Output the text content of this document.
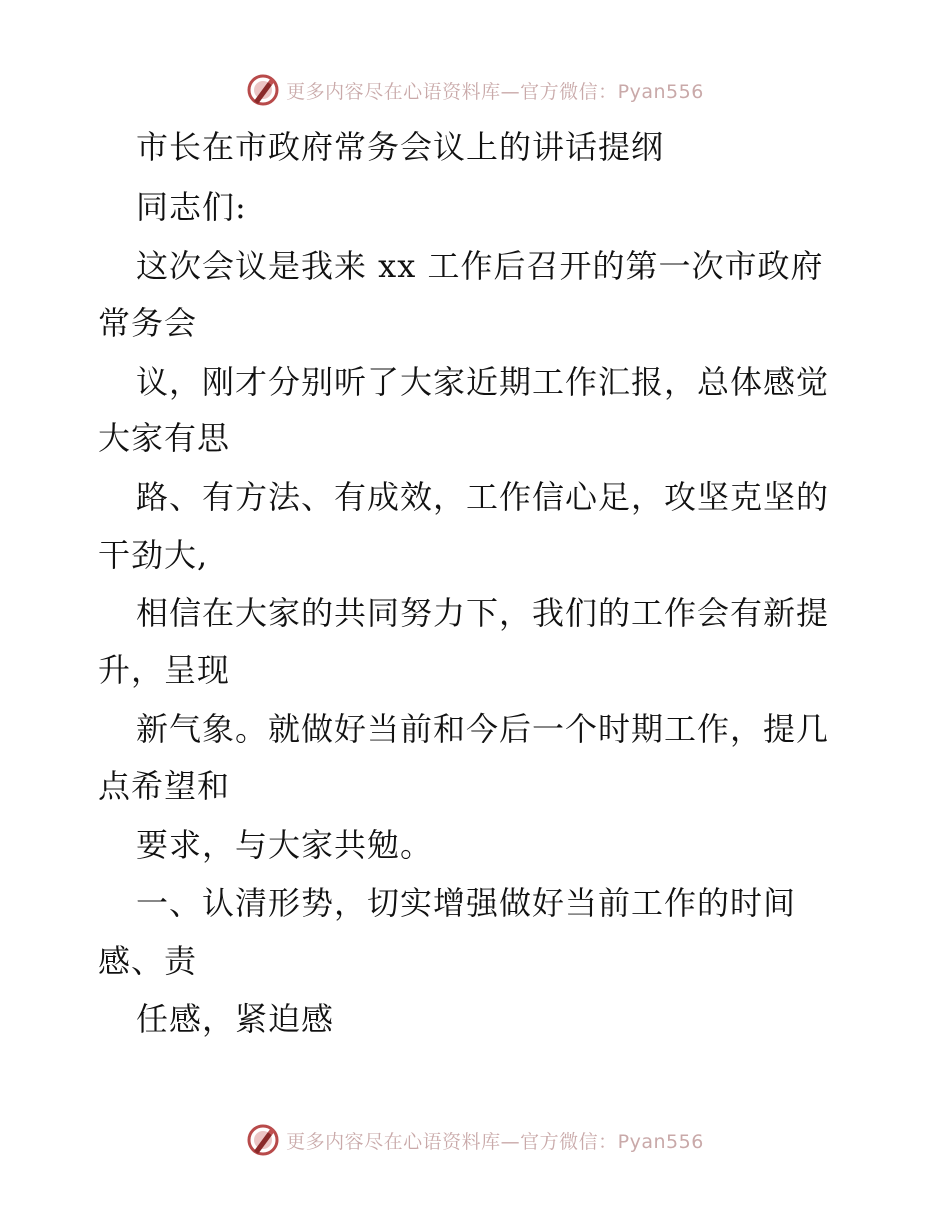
更多内容尽在心语资料库—官方微信：Pyan556
市长在市政府常务会议上的讲话提纲
同志们:
这次会议是我来 xx 工作后召开的第一次市政府
常务会
议，刚才分别听了大家近期工作汇报，总体感觉
大家有思
路、有方法、有成效，工作信心足，攻坚克坚的
干劲大,
相信在大家的共同努力下，我们的工作会有新提
升，呈现
新气象。就做好当前和今后一个时期工作，提几
点希望和
要求，与大家共勉。
一、认清形势，切实增强做好当前工作的时间
感、责
任感，紧迫感
更多内容尽在心语资料库—官方微信：Pyan556
